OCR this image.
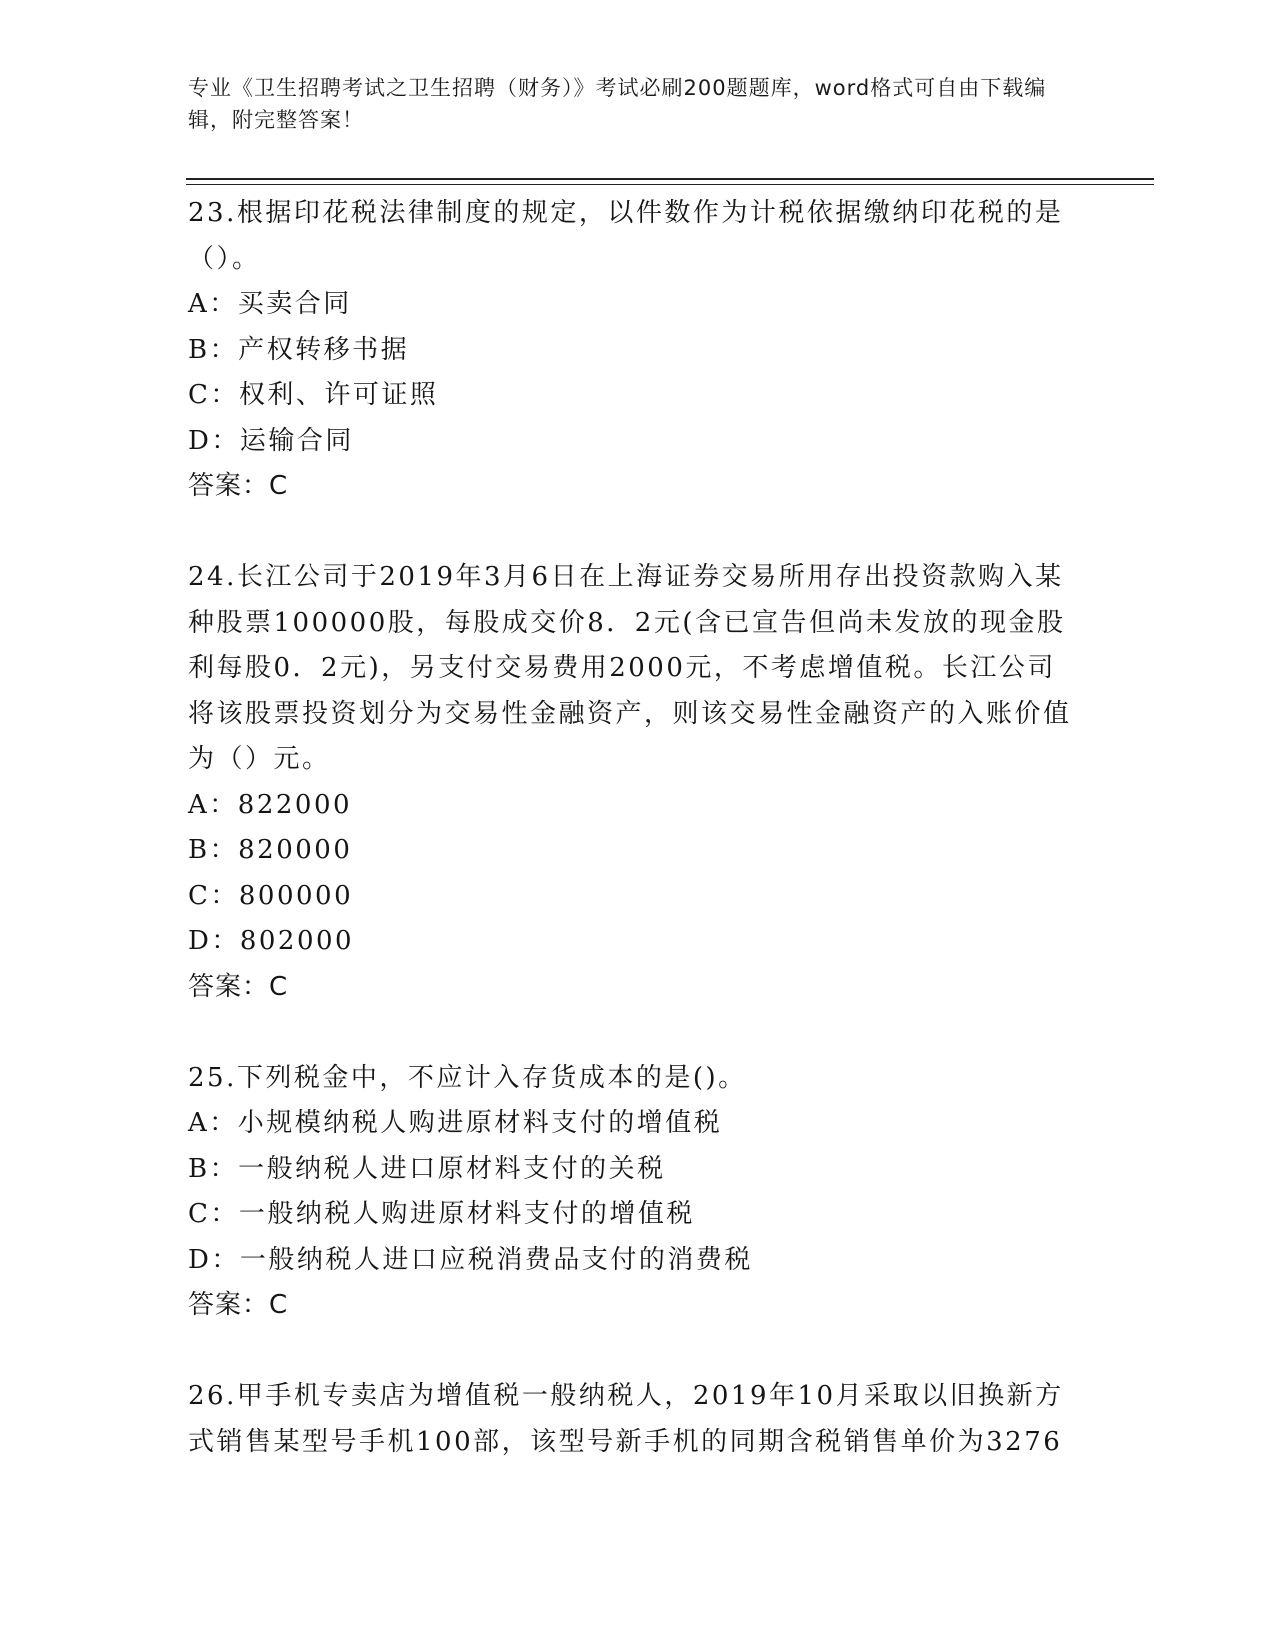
专业《卫生招聘考试之卫生招聘（财务）》考试必刷200题题库，word格式可自由下载编辑，附完整答案！

23.根据印花税法律制度的规定，以件数作为计税依据缴纳印花税的是（）。

A：买卖合同

B：产权转移书据

C：权利、许可证照

D：运输合同

答案：C

24.长江公司于2019年3月6日在上海证券交易所用存出投资款购入某种股票100000股，每股成交价8．2元(含已宣告但尚未发放的现金股利每股0．2元)，另支付交易费用2000元，不考虑增值税。长江公司将该股票投资划分为交易性金融资产，则该交易性金融资产的入账价值为（）元。

A：822000

B：820000

C：800000

D：802000

答案：C

25.下列税金中，不应计入存货成本的是()。

A：小规模纳税人购进原材料支付的增值税

B：一般纳税人进口原材料支付的关税

C：一般纳税人购进原材料支付的增值税

D：一般纳税人进口应税消费品支付的消费税

答案：C

26.甲手机专卖店为增值税一般纳税人，2019年10月采取以旧换新方式销售某型号手机100部，该型号新手机的同期含税销售单价为3276
